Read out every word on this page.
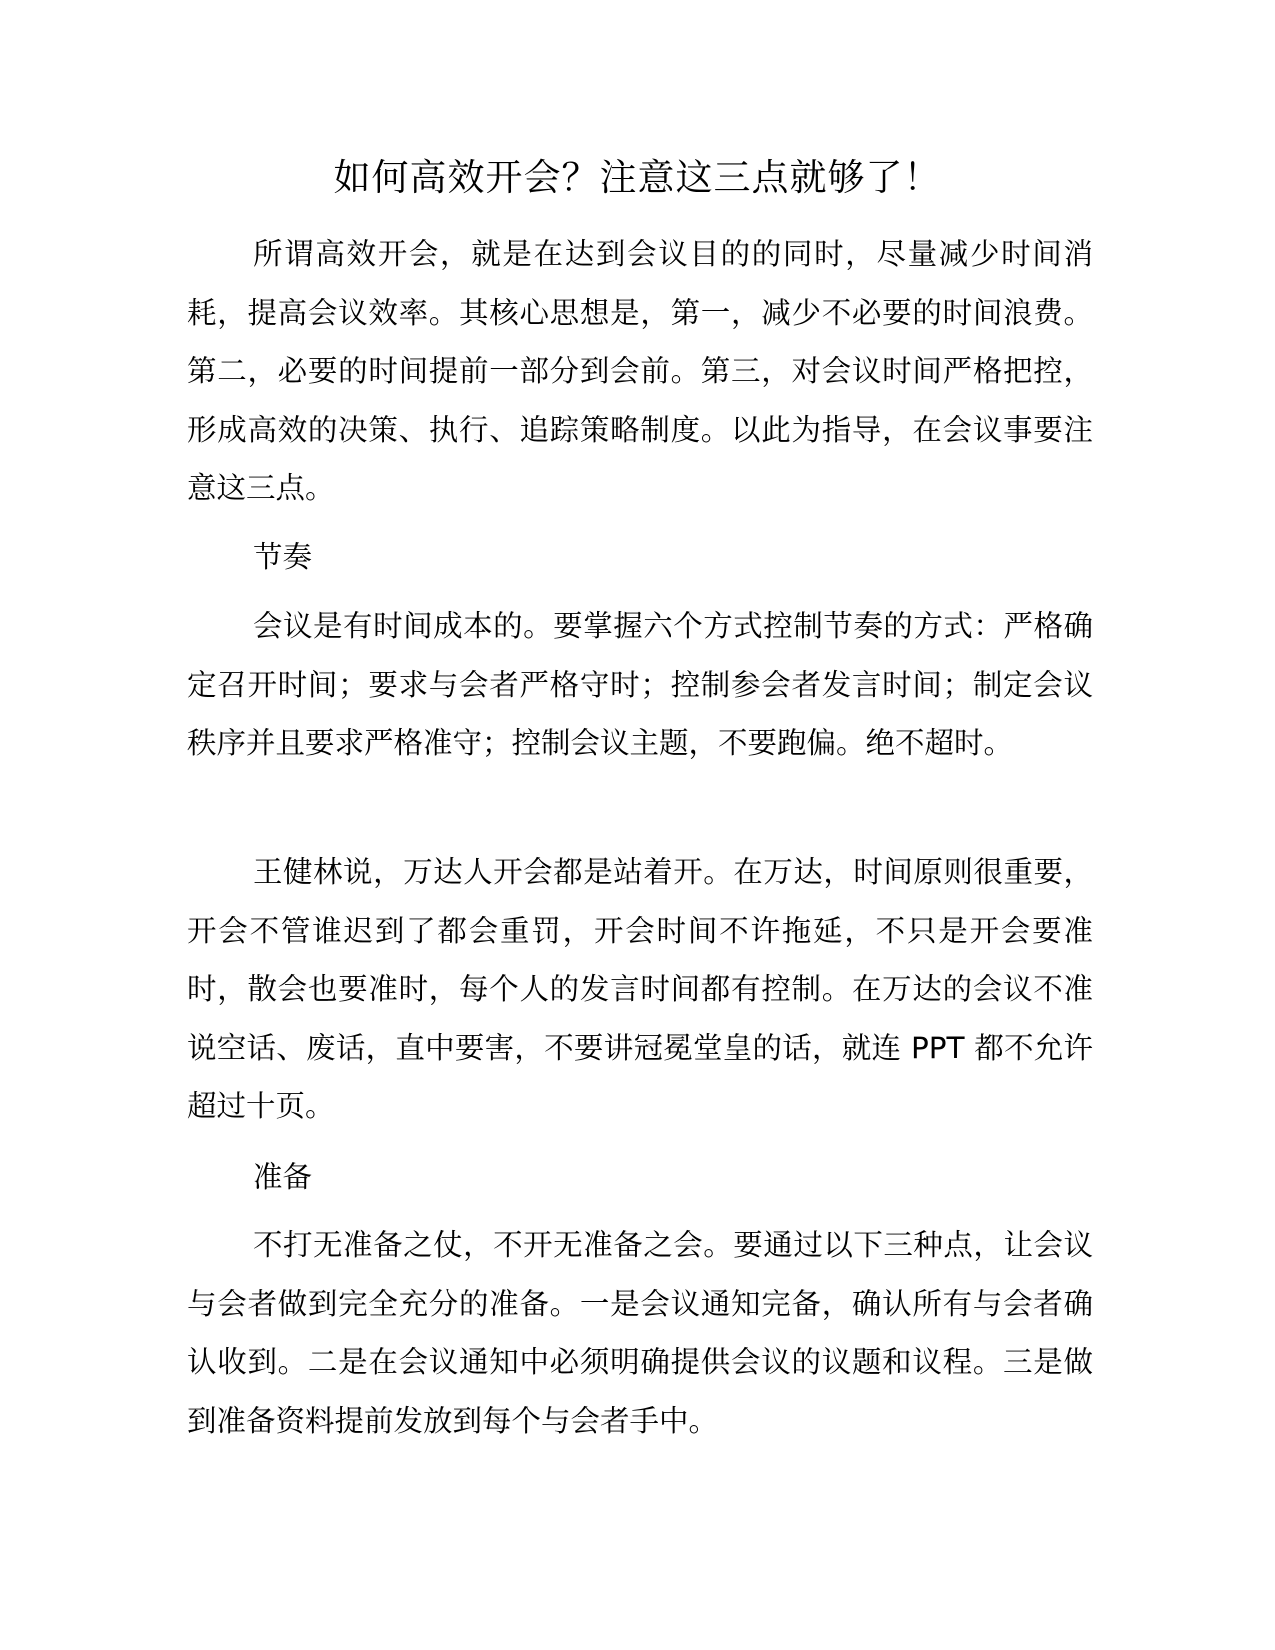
如何高效开会？注意这三点就够了！

所谓高效开会，就是在达到会议目的的同时，尽量减少时间消耗，提高会议效率。其核心思想是，第一，减少不必要的时间浪费。第二，必要的时间提前一部分到会前。第三，对会议时间严格把控，形成高效的决策、执行、追踪策略制度。以此为指导，在会议事要注意这三点。

节奏

会议是有时间成本的。要掌握六个方式控制节奏的方式：严格确定召开时间；要求与会者严格守时；控制参会者发言时间；制定会议秩序并且要求严格准守；控制会议主题，不要跑偏。绝不超时。

王健林说，万达人开会都是站着开。在万达，时间原则很重要，开会不管谁迟到了都会重罚，开会时间不许拖延，不只是开会要准时，散会也要准时，每个人的发言时间都有控制。在万达的会议不准说空话、废话，直中要害，不要讲冠冕堂皇的话，就连 PPT 都不允许超过十页。

准备

不打无准备之仗，不开无准备之会。要通过以下三种点，让会议与会者做到完全充分的准备。一是会议通知完备，确认所有与会者确认收到。二是在会议通知中必须明确提供会议的议题和议程。三是做到准备资料提前发放到每个与会者手中。
